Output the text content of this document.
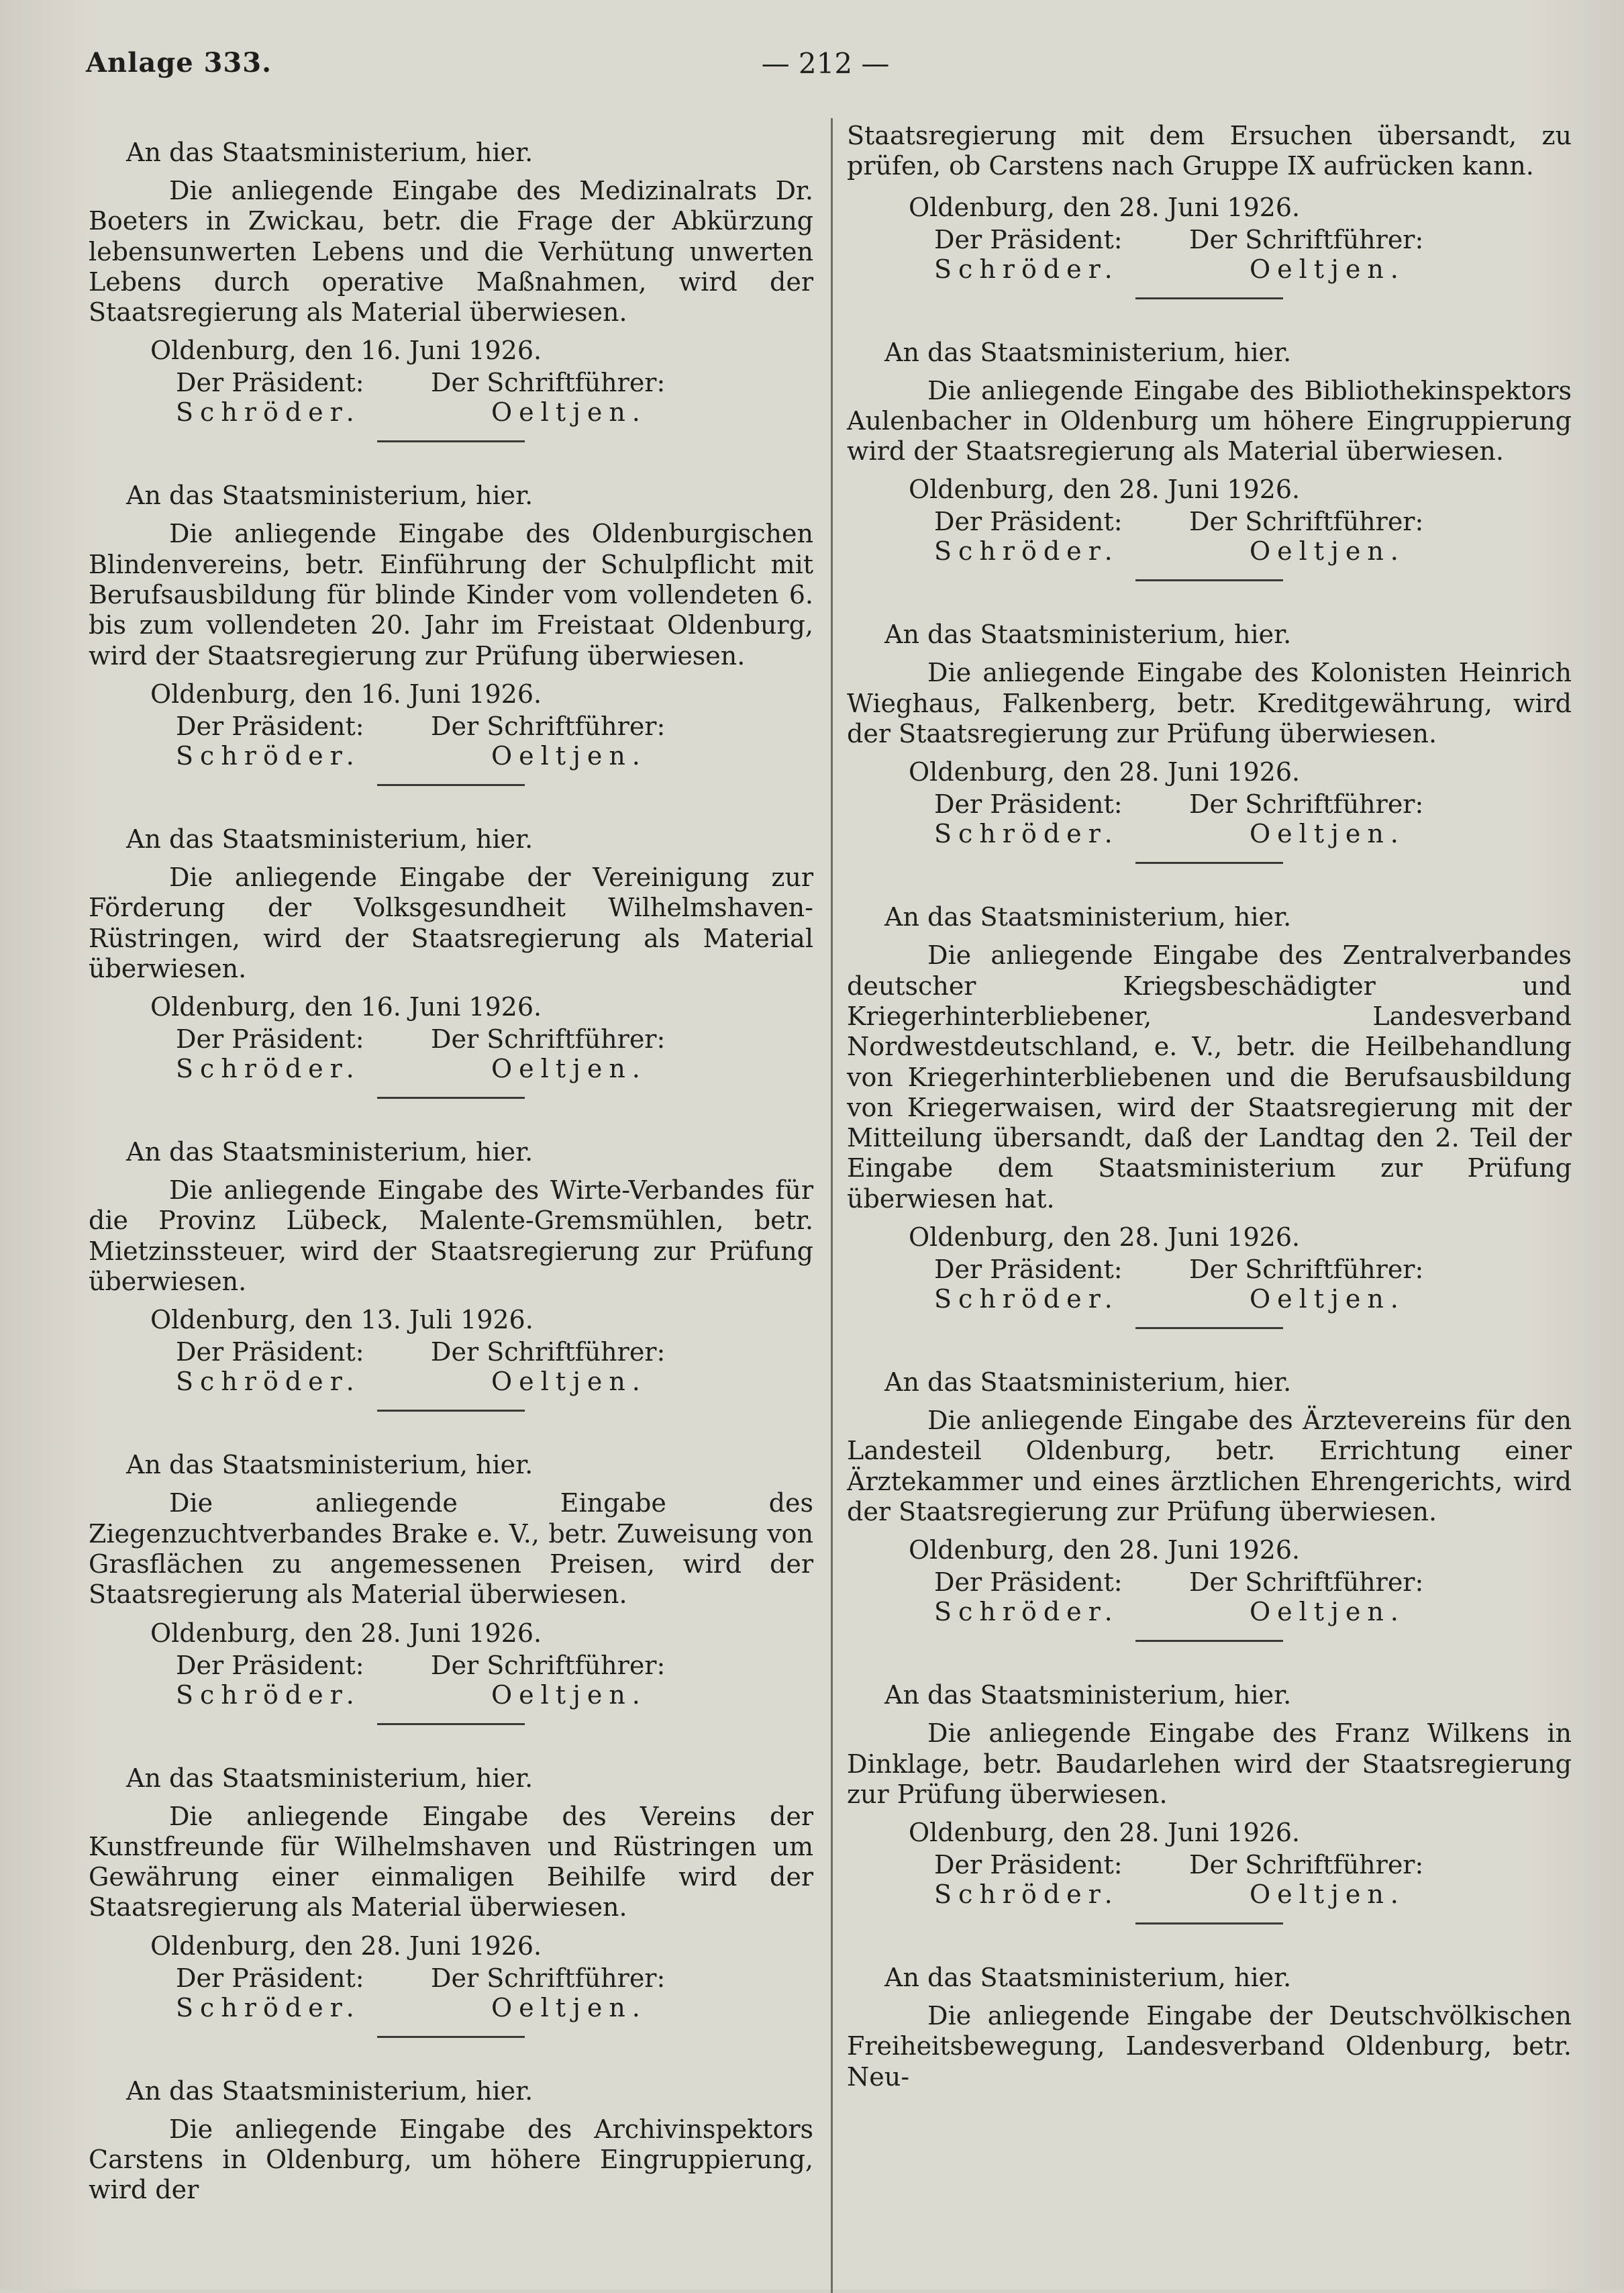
Anlage 333.	— 212 —
An das Staatsministerium, hier.

Die anliegende Eingabe des Medizinalrats Dr. Boeters in Zwickau, betr. die Frage der Abkürzung lebensunwerten Lebens und die Verhütung unwerten Lebens durch operative Maßnahmen, wird der Staatsregierung als Material überwiesen.

Oldenburg, den 16. Juni 1926.
Der Präsident:	Der Schriftführer:
Schröder.	Oeltjen.
An das Staatsministerium, hier.

Die anliegende Eingabe des Oldenburgischen Blindenvereins, betr. Einführung der Schulpflicht mit Berufsausbildung für blinde Kinder vom vollendeten 6. bis zum vollendeten 20. Jahr im Freistaat Oldenburg, wird der Staatsregierung zur Prüfung überwiesen.

Oldenburg, den 16. Juni 1926.
Der Präsident:	Der Schriftführer:
Schröder.	Oeltjen.
An das Staatsministerium, hier.

Die anliegende Eingabe der Vereinigung zur Förderung der Volksgesundheit Wilhelmshaven-Rüstringen, wird der Staatsregierung als Material überwiesen.

Oldenburg, den 16. Juni 1926.
Der Präsident:	Der Schriftführer:
Schröder.	Oeltjen.
An das Staatsministerium, hier.

Die anliegende Eingabe des Wirte-Verbandes für die Provinz Lübeck, Malente-Gremsmühlen, betr. Mietzinssteuer, wird der Staatsregierung zur Prüfung überwiesen.

Oldenburg, den 13. Juli 1926.
Der Präsident:	Der Schriftführer:
Schröder.	Oeltjen.
An das Staatsministerium, hier.

Die anliegende Eingabe des Ziegenzuchtverbandes Brake e. V., betr. Zuweisung von Grasflächen zu angemessenen Preisen, wird der Staatsregierung als Material überwiesen.

Oldenburg, den 28. Juni 1926.
Der Präsident:	Der Schriftführer:
Schröder.	Oeltjen.
An das Staatsministerium, hier.

Die anliegende Eingabe des Vereins der Kunstfreunde für Wilhelmshaven und Rüstringen um Gewährung einer einmaligen Beihilfe wird der Staatsregierung als Material überwiesen.

Oldenburg, den 28. Juni 1926.
Der Präsident:	Der Schriftführer:
Schröder.	Oeltjen.
An das Staatsministerium, hier.

Die anliegende Eingabe des Archivinspektors Carstens in Oldenburg, um höhere Eingruppierung, wird der

Staatsregierung mit dem Ersuchen übersandt, zu prüfen, ob Carstens nach Gruppe IX aufrücken kann.

Oldenburg, den 28. Juni 1926.
Der Präsident:	Der Schriftführer:
Schröder.	Oeltjen.
An das Staatsministerium, hier.

Die anliegende Eingabe des Bibliothekinspektors Aulenbacher in Oldenburg um höhere Eingruppierung wird der Staatsregierung als Material überwiesen.

Oldenburg, den 28. Juni 1926.
Der Präsident:	Der Schriftführer:
Schröder.	Oeltjen.
An das Staatsministerium, hier.

Die anliegende Eingabe des Kolonisten Heinrich Wieghaus, Falkenberg, betr. Kreditgewährung, wird der Staatsregierung zur Prüfung überwiesen.

Oldenburg, den 28. Juni 1926.
Der Präsident:	Der Schriftführer:
Schröder.	Oeltjen.
An das Staatsministerium, hier.

Die anliegende Eingabe des Zentralverbandes deutscher Kriegsbeschädigter und Kriegerhinterbliebener, Landesverband Nordwestdeutschland, e. V., betr. die Heilbehandlung von Kriegerhinterbliebenen und die Berufsausbildung von Kriegerwaisen, wird der Staatsregierung mit der Mitteilung übersandt, daß der Landtag den 2. Teil der Eingabe dem Staatsministerium zur Prüfung überwiesen hat.

Oldenburg, den 28. Juni 1926.
Der Präsident:	Der Schriftführer:
Schröder.	Oeltjen.
An das Staatsministerium, hier.

Die anliegende Eingabe des Ärztevereins für den Landesteil Oldenburg, betr. Errichtung einer Ärztekammer und eines ärztlichen Ehrengerichts, wird der Staatsregierung zur Prüfung überwiesen.

Oldenburg, den 28. Juni 1926.
Der Präsident:	Der Schriftführer:
Schröder.	Oeltjen.
An das Staatsministerium, hier.

Die anliegende Eingabe des Franz Wilkens in Dinklage, betr. Baudarlehen wird der Staatsregierung zur Prüfung überwiesen.

Oldenburg, den 28. Juni 1926.
Der Präsident:	Der Schriftführer:
Schröder.	Oeltjen.
An das Staatsministerium, hier.

Die anliegende Eingabe der Deutschvölkischen Freiheitsbewegung, Landesverband Oldenburg, betr. Neu-
